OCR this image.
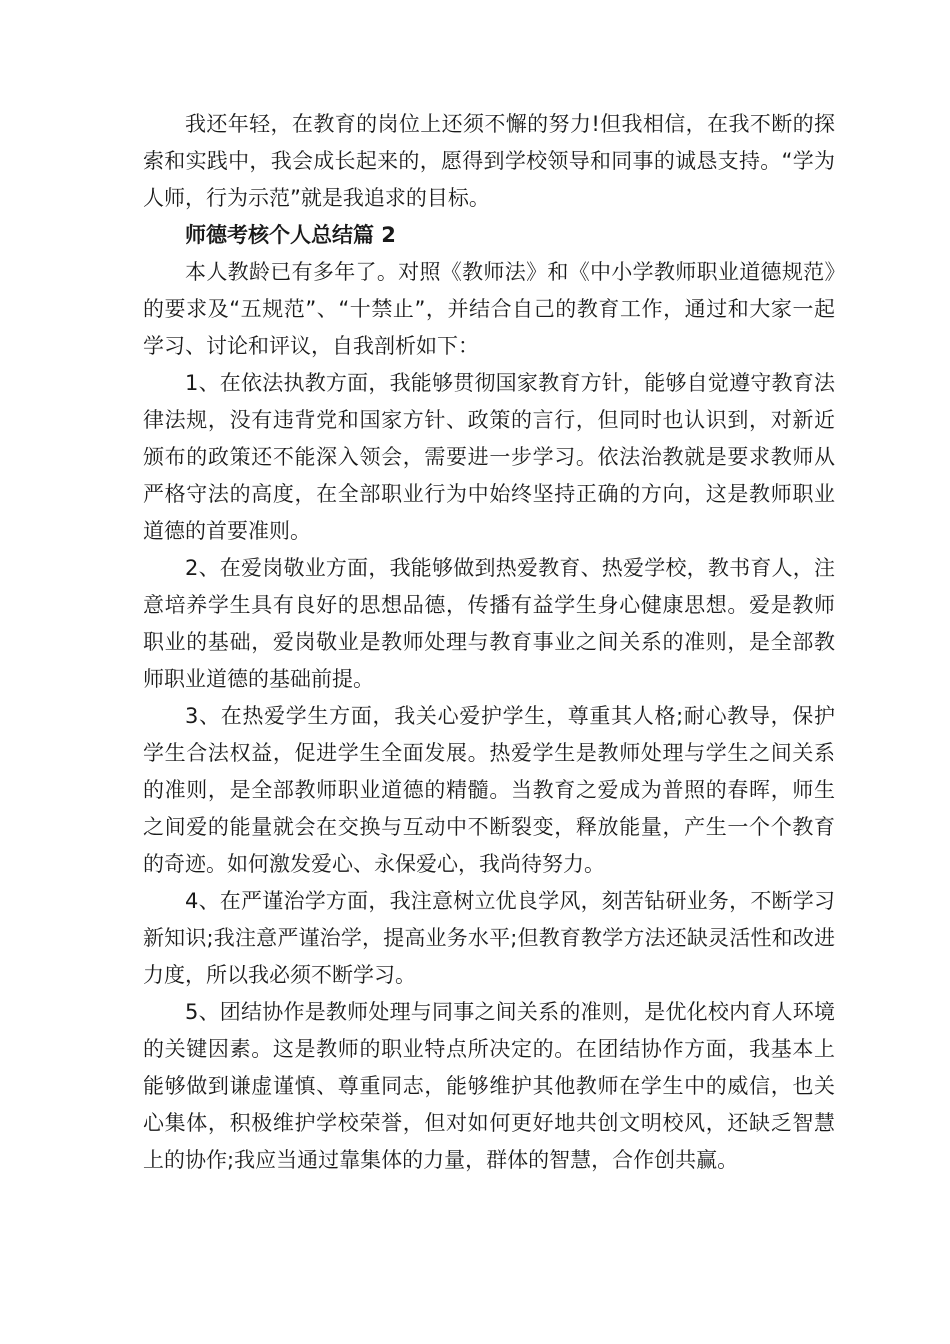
我还年轻，在教育的岗位上还须不懈的努力!但我相信，在我不断的探索和实践中，我会成长起来的，愿得到学校领导和同事的诚恳支持。“学为人师，行为示范”就是我追求的目标。

师德考核个人总结篇 2

本人教龄已有多年了。对照《教师法》和《中小学教师职业道德规范》的要求及“五规范”、“十禁止”，并结合自己的教育工作，通过和大家一起学习、讨论和评议，自我剖析如下：

1、在依法执教方面，我能够贯彻国家教育方针，能够自觉遵守教育法律法规，没有违背党和国家方针、政策的言行，但同时也认识到，对新近颁布的政策还不能深入领会，需要进一步学习。依法治教就是要求教师从严格守法的高度，在全部职业行为中始终坚持正确的方向，这是教师职业道德的首要准则。

2、在爱岗敬业方面，我能够做到热爱教育、热爱学校，教书育人，注意培养学生具有良好的思想品德，传播有益学生身心健康思想。爱是教师职业的基础，爱岗敬业是教师处理与教育事业之间关系的准则，是全部教师职业道德的基础前提。

3、在热爱学生方面，我关心爱护学生，尊重其人格;耐心教导，保护学生合法权益，促进学生全面发展。热爱学生是教师处理与学生之间关系的准则，是全部教师职业道德的精髓。当教育之爱成为普照的春晖，师生之间爱的能量就会在交换与互动中不断裂变，释放能量，产生一个个教育的奇迹。如何激发爱心、永保爱心，我尚待努力。

4、在严谨治学方面，我注意树立优良学风，刻苦钻研业务，不断学习新知识;我注意严谨治学，提高业务水平;但教育教学方法还缺灵活性和改进力度，所以我必须不断学习。

5、团结协作是教师处理与同事之间关系的准则，是优化校内育人环境的关键因素。这是教师的职业特点所决定的。在团结协作方面，我基本上能够做到谦虚谨慎、尊重同志，能够维护其他教师在学生中的威信，也关心集体，积极维护学校荣誉，但对如何更好地共创文明校风，还缺乏智慧上的协作;我应当通过靠集体的力量，群体的智慧，合作创共赢。
